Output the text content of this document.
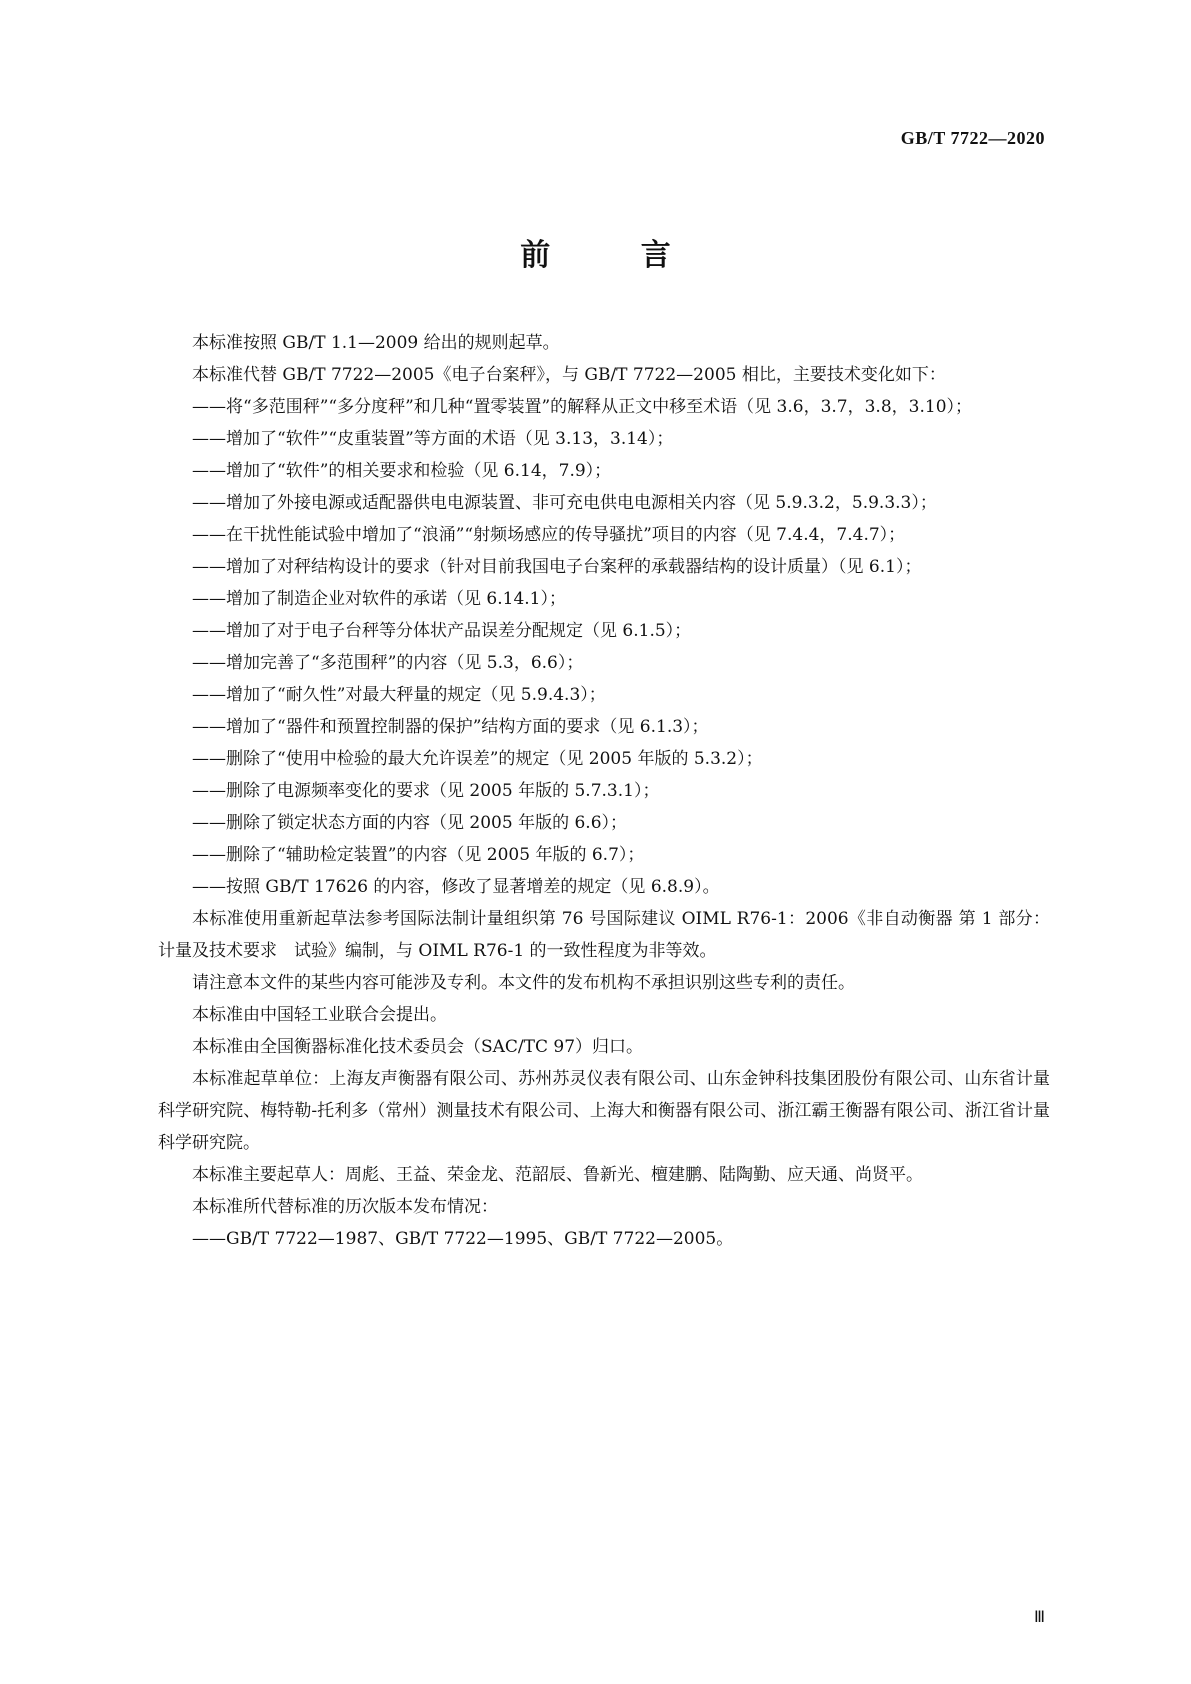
GB/T 7722—2020
前 言

本标准按照 GB/T 1.1—2009 给出的规则起草。

本标准代替 GB/T 7722—2005《电子台案秤》，与 GB/T 7722—2005 相比，主要技术变化如下：

——将“多范围秤”“多分度秤”和几种“置零装置”的解释从正文中移至术语（见 3.6，3.7，3.8，3.10）；

——增加了“软件”“皮重装置”等方面的术语（见 3.13，3.14）；

——增加了“软件”的相关要求和检验（见 6.14，7.9）；

——增加了外接电源或适配器供电电源装置、非可充电供电电源相关内容（见 5.9.3.2，5.9.3.3）；

——在干扰性能试验中增加了“浪涌”“射频场感应的传导骚扰”项目的内容（见 7.4.4，7.4.7）；

——增加了对秤结构设计的要求（针对目前我国电子台案秤的承载器结构的设计质量）（见 6.1）；

——增加了制造企业对软件的承诺（见 6.14.1）；

——增加了对于电子台秤等分体状产品误差分配规定（见 6.1.5）；

——增加完善了“多范围秤”的内容（见 5.3，6.6）；

——增加了“耐久性”对最大秤量的规定（见 5.9.4.3）；

——增加了“器件和预置控制器的保护”结构方面的要求（见 6.1.3）；

——删除了“使用中检验的最大允许误差”的规定（见 2005 年版的 5.3.2）；

——删除了电源频率变化的要求（见 2005 年版的 5.7.3.1）；

——删除了锁定状态方面的内容（见 2005 年版的 6.6）；

——删除了“辅助检定装置”的内容（见 2005 年版的 6.7）；

——按照 GB/T 17626 的内容，修改了显著增差的规定（见 6.8.9）。

本标准使用重新起草法参考国际法制计量组织第 76 号国际建议 OIML R76-1：2006《非自动衡器 第 1 部分：计量及技术要求　试验》编制，与 OIML R76-1 的一致性程度为非等效。

请注意本文件的某些内容可能涉及专利。本文件的发布机构不承担识别这些专利的责任。

本标准由中国轻工业联合会提出。

本标准由全国衡器标准化技术委员会（SAC/TC 97）归口。

本标准起草单位：上海友声衡器有限公司、苏州苏灵仪表有限公司、山东金钟科技集团股份有限公司、山东省计量科学研究院、梅特勒-托利多（常州）测量技术有限公司、上海大和衡器有限公司、浙江霸王衡器有限公司、浙江省计量科学研究院。

本标准主要起草人：周彪、王益、荣金龙、范韶辰、鲁新光、檀建鹏、陆陶勤、应天通、尚贤平。

本标准所代替标准的历次版本发布情况：

——GB/T 7722—1987、GB/T 7722—1995、GB/T 7722—2005。

Ⅲ
